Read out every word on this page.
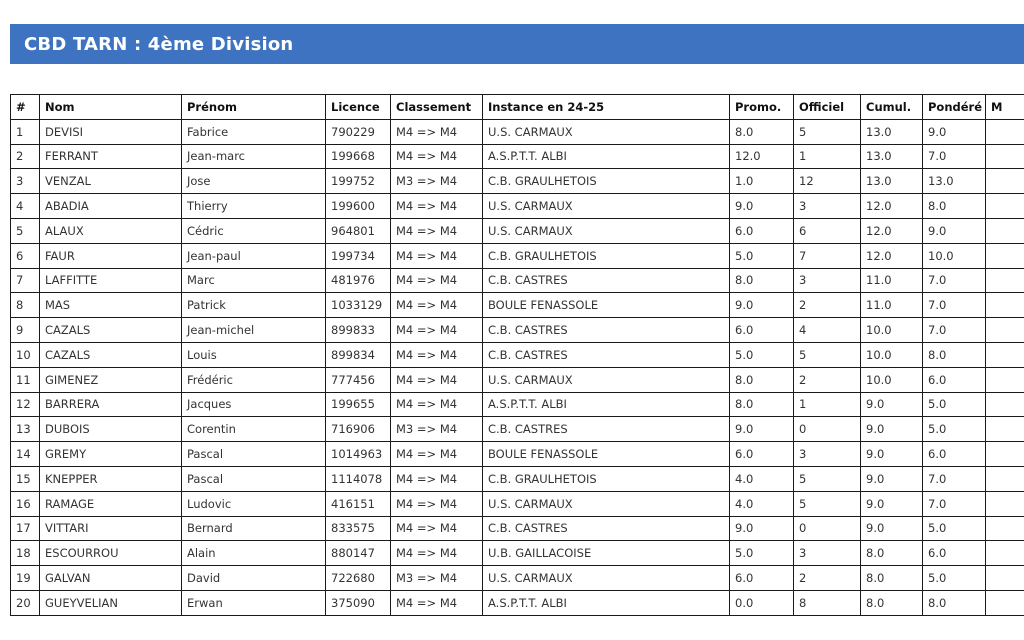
CBD TARN : 4ème Division
#	Nom	Prénom	Licence	Classement	Instance en 24-25	Promo.	Officiel	Cumul.	Pondéré	M
1	DEVISI	Fabrice	790229	M4 => M4	U.S. CARMAUX	8.0	5	13.0	9.0	
2	FERRANT	Jean-marc	199668	M4 => M4	A.S.P.T.T. ALBI	12.0	1	13.0	7.0	
3	VENZAL	Jose	199752	M3 => M4	C.B. GRAULHETOIS	1.0	12	13.0	13.0	
4	ABADIA	Thierry	199600	M4 => M4	U.S. CARMAUX	9.0	3	12.0	8.0	
5	ALAUX	Cédric	964801	M4 => M4	U.S. CARMAUX	6.0	6	12.0	9.0	
6	FAUR	Jean-paul	199734	M4 => M4	C.B. GRAULHETOIS	5.0	7	12.0	10.0	
7	LAFFITTE	Marc	481976	M4 => M4	C.B. CASTRES	8.0	3	11.0	7.0	
8	MAS	Patrick	1033129	M4 => M4	BOULE FENASSOLE	9.0	2	11.0	7.0	
9	CAZALS	Jean-michel	899833	M4 => M4	C.B. CASTRES	6.0	4	10.0	7.0	
10	CAZALS	Louis	899834	M4 => M4	C.B. CASTRES	5.0	5	10.0	8.0	
11	GIMENEZ	Frédéric	777456	M4 => M4	U.S. CARMAUX	8.0	2	10.0	6.0	
12	BARRERA	Jacques	199655	M4 => M4	A.S.P.T.T. ALBI	8.0	1	9.0	5.0	
13	DUBOIS	Corentin	716906	M3 => M4	C.B. CASTRES	9.0	0	9.0	5.0	
14	GREMY	Pascal	1014963	M4 => M4	BOULE FENASSOLE	6.0	3	9.0	6.0	
15	KNEPPER	Pascal	1114078	M4 => M4	C.B. GRAULHETOIS	4.0	5	9.0	7.0	
16	RAMAGE	Ludovic	416151	M4 => M4	U.S. CARMAUX	4.0	5	9.0	7.0	
17	VITTARI	Bernard	833575	M4 => M4	C.B. CASTRES	9.0	0	9.0	5.0	
18	ESCOURROU	Alain	880147	M4 => M4	U.B. GAILLACOISE	5.0	3	8.0	6.0	
19	GALVAN	David	722680	M3 => M4	U.S. CARMAUX	6.0	2	8.0	5.0	
20	GUEYVELIAN	Erwan	375090	M4 => M4	A.S.P.T.T. ALBI	0.0	8	8.0	8.0	
